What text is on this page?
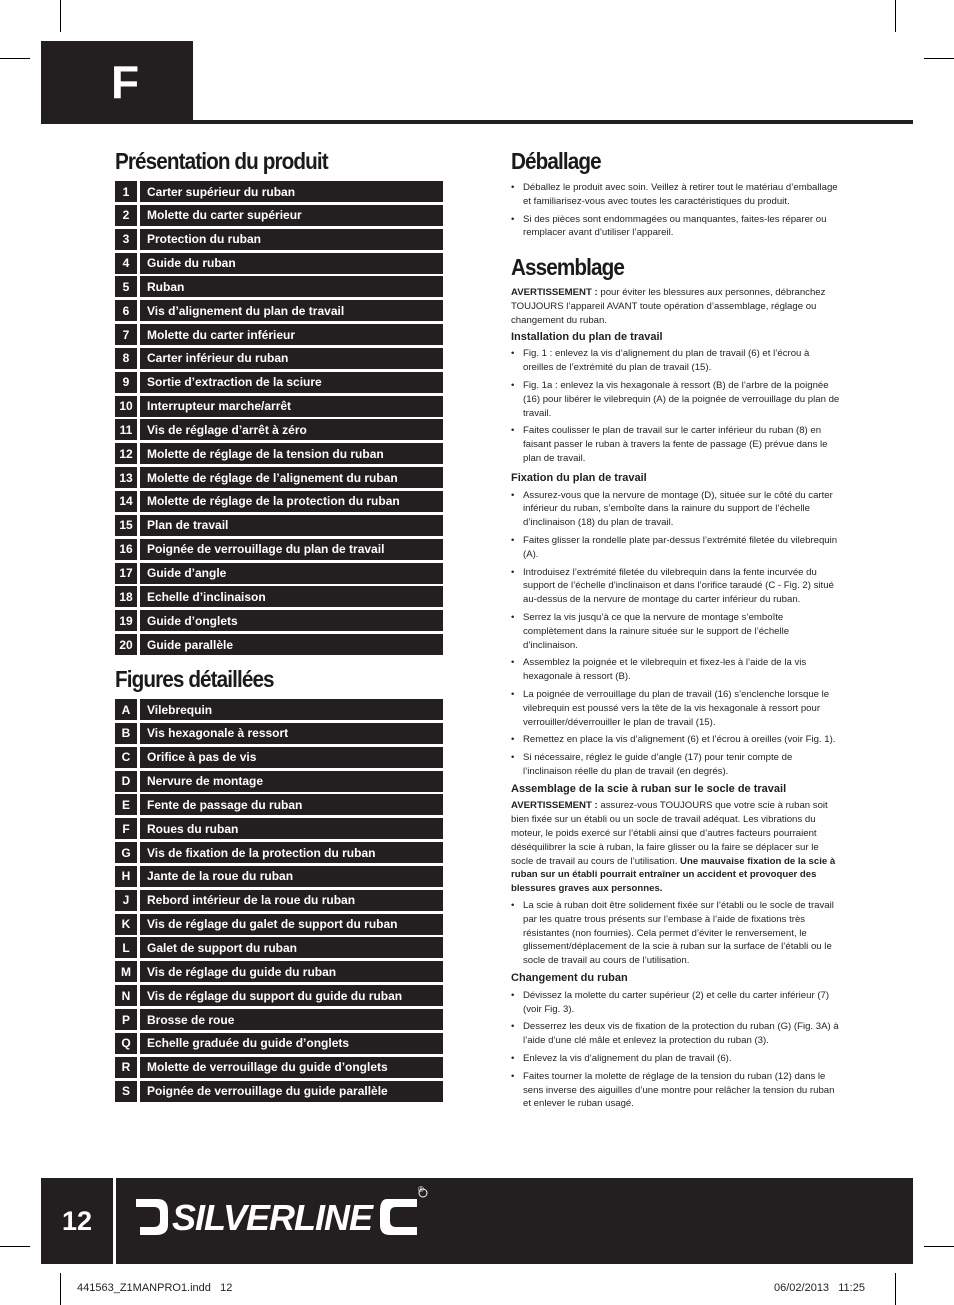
F
Présentation du produit
1	Carter supérieur du ruban
2	Molette du carter supérieur
3	Protection du ruban
4	Guide du ruban
5	Ruban
6	Vis d’alignement du plan de travail
7	Molette du carter inférieur
8	Carter inférieur du ruban
9	Sortie d’extraction de la sciure
10	Interrupteur marche/arrêt
11	Vis de réglage d’arrêt à zéro
12	Molette de réglage de la tension du ruban
13	Molette de réglage de l’alignement du ruban
14	Molette de réglage de la protection du ruban
15	Plan de travail
16	Poignée de verrouillage du plan de travail
17	Guide d’angle
18	Echelle d’inclinaison
19	Guide d’onglets
20	Guide parallèle
Figures détaillées
A	Vilebrequin
B	Vis hexagonale à ressort
C	Orifice à pas de vis
D	Nervure de montage
E	Fente de passage du ruban
F	Roues du ruban
G	Vis de fixation de la protection du ruban
H	Jante de la roue du ruban
J	Rebord intérieur de la roue du ruban
K	Vis de réglage du galet de support du ruban
L	Galet de support du ruban
M	Vis de réglage du guide du ruban
N	Vis de réglage du support du guide du ruban
P	Brosse de roue
Q	Echelle graduée du guide d’onglets
R	Molette de verrouillage du guide d’onglets
S	Poignée de verrouillage du guide parallèle
Déballage
• Déballez le produit avec soin. Veillez à retirer tout le matériau d’emballage et familiarisez-vous avec toutes les caractéristiques du produit.
• Si des pièces sont endommagées ou manquantes, faites-les réparer ou remplacer avant d’utiliser l’appareil.
Assemblage
AVERTISSEMENT : pour éviter les blessures aux personnes, débranchez TOUJOURS l’appareil AVANT toute opération d’assemblage, réglage ou changement du ruban.
Installation du plan de travail
• Fig. 1 : enlevez la vis d’alignement du plan de travail (6) et l’écrou à oreilles de l’extrémité du plan de travail (15).
• Fig. 1a : enlevez la vis hexagonale à ressort (B) de l’arbre de la poignée (16) pour libérer le vilebrequin (A) de la poignée de verrouillage du plan de travail.
• Faites coulisser le plan de travail sur le carter inférieur du ruban (8) en faisant passer le ruban à travers la fente de passage (E) prévue dans le plan de travail.
Fixation du plan de travail
• Assurez-vous que la nervure de montage (D), située sur le côté du carter inférieur du ruban, s’emboîte dans la rainure du support de l’échelle d’inclinaison (18) du plan de travail.
• Faites glisser la rondelle plate par-dessus l’extrémité filetée du vilebrequin (A).
• Introduisez l’extrémité filetée du vilebrequin dans la fente incurvée du support de l’échelle d’inclinaison et dans l’orifice taraudé (C - Fig. 2) situé au-dessus de la nervure de montage du carter inférieur du ruban.
• Serrez la vis jusqu’à ce que la nervure de montage s’emboîte complètement dans la rainure située sur le support de l’échelle d’inclinaison.
• Assemblez la poignée et le vilebrequin et fixez-les à l’aide de la vis hexagonale à ressort (B).
• La poignée de verrouillage du plan de travail (16) s’enclenche lorsque le vilebrequin est poussé vers la tête de la vis hexagonale à ressort pour verrouiller/déverrouiller le plan de travail (15).
• Remettez en place la vis d’alignement (6) et l’écrou à oreilles (voir Fig. 1).
• Si nécessaire, réglez le guide d’angle (17) pour tenir compte de l’inclinaison réelle du plan de travail (en degrés).
Assemblage de la scie à ruban sur le socle de travail
AVERTISSEMENT : assurez-vous TOUJOURS que votre scie à ruban soit bien fixée sur un établi ou un socle de travail adéquat. Les vibrations du moteur, le poids exercé sur l’établi ainsi que d’autres facteurs pourraient déséquilibrer la scie à ruban, la faire glisser ou la faire se déplacer sur le socle de travail au cours de l’utilisation. Une mauvaise fixation de la scie à ruban sur un établi pourrait entraîner un accident et provoquer des blessures graves aux personnes.
• La scie à ruban doit être solidement fixée sur l’établi ou le socle de travail par les quatre trous présents sur l’embase à l’aide de fixations très résistantes (non fournies). Cela permet d’éviter le renversement, le glissement/déplacement de la scie à ruban sur la surface de l’établi ou le socle de travail au cours de l’utilisation.
Changement du ruban
• Dévissez la molette du carter supérieur (2) et celle du carter inférieur (7) (voir Fig. 3).
• Desserrez les deux vis de fixation de la protection du ruban (G) (Fig. 3A) à l’aide d’une clé mâle et enlevez la protection du ruban (3).
• Enlevez la vis d’alignement du plan de travail (6).
• Faites tourner la molette de réglage de la tension du ruban (12) dans le sens inverse des aiguilles d’une montre pour relâcher la tension du ruban et enlever le ruban usagé.
12	SILVERLINE
®
441563_Z1MANPRO1.indd   12	06/02/2013   11:25
